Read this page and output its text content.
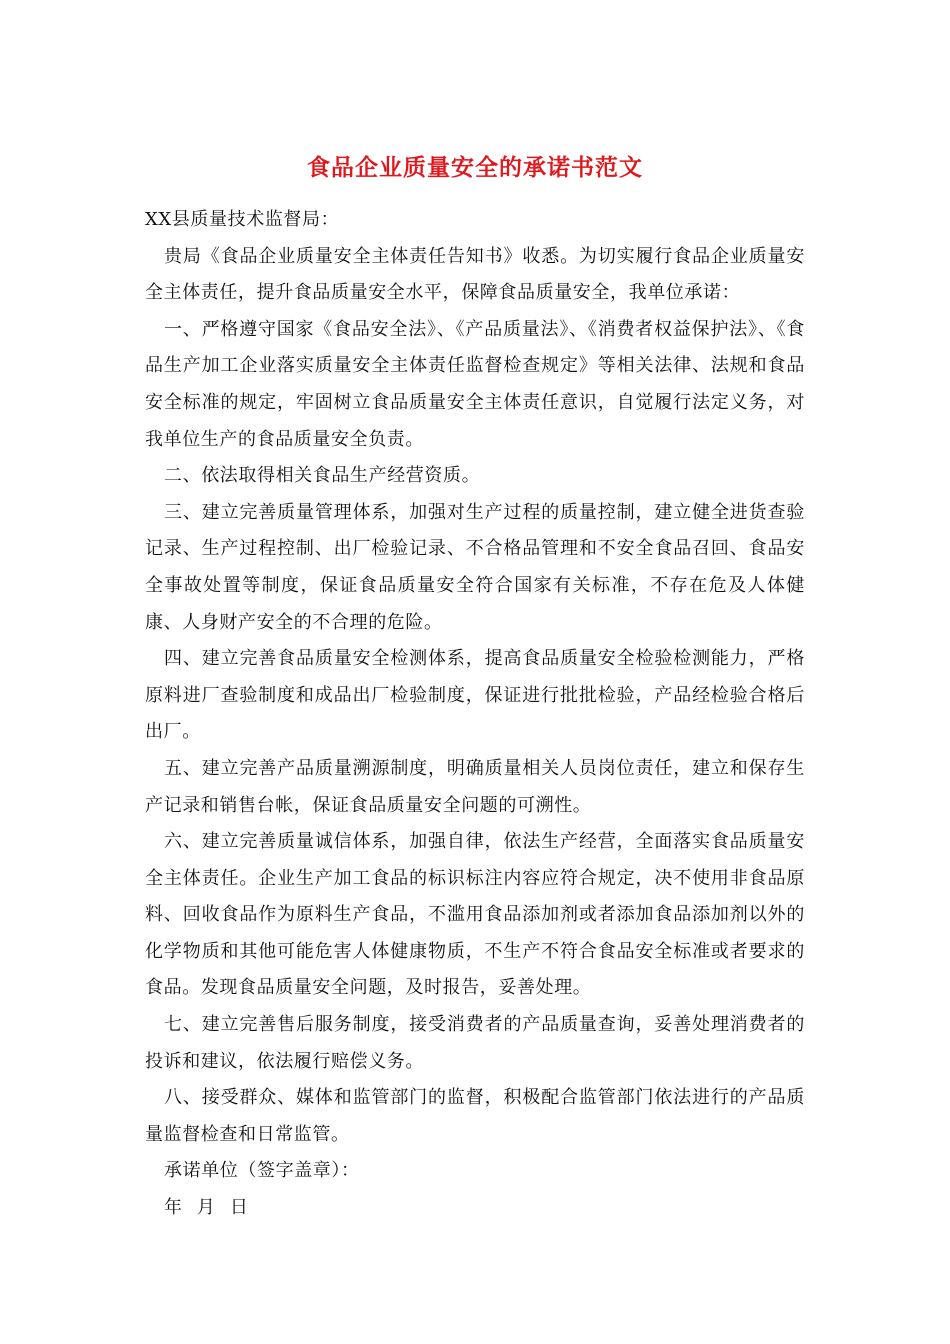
食品企业质量安全的承诺书范文

XX县质量技术监督局：

贵局《食品企业质量安全主体责任告知书》收悉。为切实履行食品企业质量安全主体责任，提升食品质量安全水平，保障食品质量安全，我单位承诺：

一、严格遵守国家《食品安全法》、《产品质量法》、《消费者权益保护法》、《食品生产加工企业落实质量安全主体责任监督检查规定》等相关法律、法规和食品安全标准的规定，牢固树立食品质量安全主体责任意识，自觉履行法定义务，对我单位生产的食品质量安全负责。

二、依法取得相关食品生产经营资质。

三、建立完善质量管理体系，加强对生产过程的质量控制，建立健全进货查验记录、生产过程控制、出厂检验记录、不合格品管理和不安全食品召回、食品安全事故处置等制度，保证食品质量安全符合国家有关标准，不存在危及人体健康、人身财产安全的不合理的危险。

四、建立完善食品质量安全检测体系，提高食品质量安全检验检测能力，严格原料进厂查验制度和成品出厂检验制度，保证进行批批检验，产品经检验合格后出厂。

五、建立完善产品质量溯源制度，明确质量相关人员岗位责任，建立和保存生产记录和销售台帐，保证食品质量安全问题的可溯性。

六、建立完善质量诚信体系，加强自律，依法生产经营，全面落实食品质量安全主体责任。企业生产加工食品的标识标注内容应符合规定，决不使用非食品原料、回收食品作为原料生产食品，不滥用食品添加剂或者添加食品添加剂以外的化学物质和其他可能危害人体健康物质，不生产不符合食品安全标准或者要求的食品。发现食品质量安全问题，及时报告，妥善处理。

七、建立完善售后服务制度，接受消费者的产品质量查询，妥善处理消费者的投诉和建议，依法履行赔偿义务。

八、接受群众、媒体和监管部门的监督，积极配合监管部门依法进行的产品质量监督检查和日常监管。

承诺单位（签字盖章）：

年 月 日
